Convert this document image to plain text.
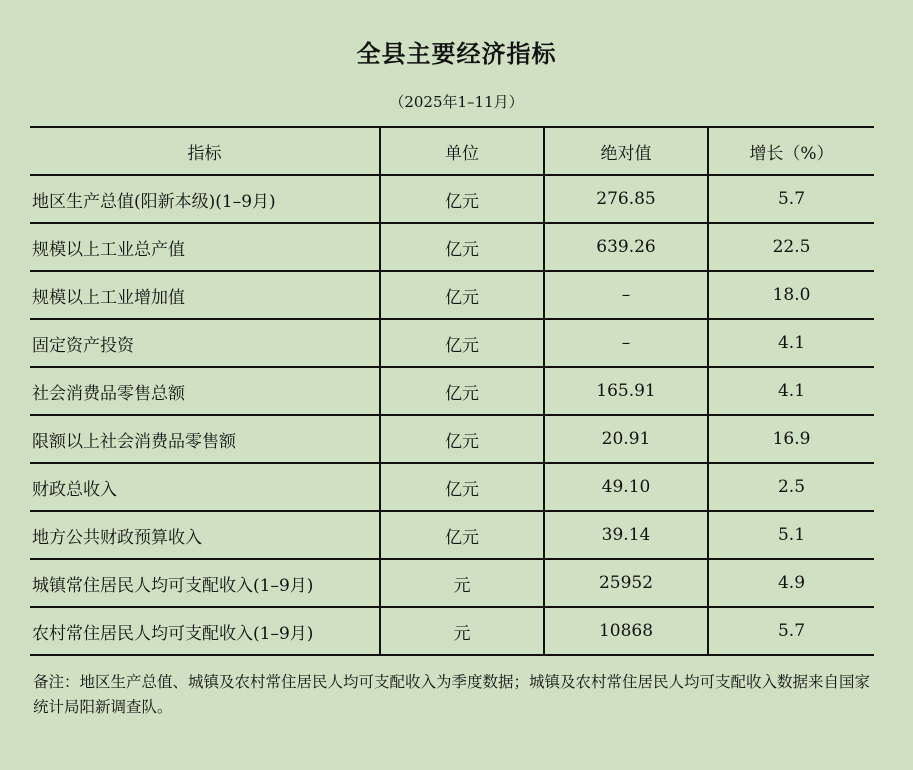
全县主要经济指标
（2025年1–11月）
指标	单位	绝对值	增长（%）
地区生产总值(阳新本级)(1–9月)	亿元	276.85	5.7
规模以上工业总产值	亿元	639.26	22.5
规模以上工业增加值	亿元	–	18.0
固定资产投资	亿元	–	4.1
社会消费品零售总额	亿元	165.91	4.1
限额以上社会消费品零售额	亿元	20.91	16.9
财政总收入	亿元	49.10	2.5
地方公共财政预算收入	亿元	39.14	5.1
城镇常住居民人均可支配收入(1–9月)	元	25952	4.9
农村常住居民人均可支配收入(1–9月)	元	10868	5.7
备注：地区生产总值、城镇及农村常住居民人均可支配收入为季度数据；城镇及农村常住居民人均可支配收入数据来自国家统计局阳新调查队。
